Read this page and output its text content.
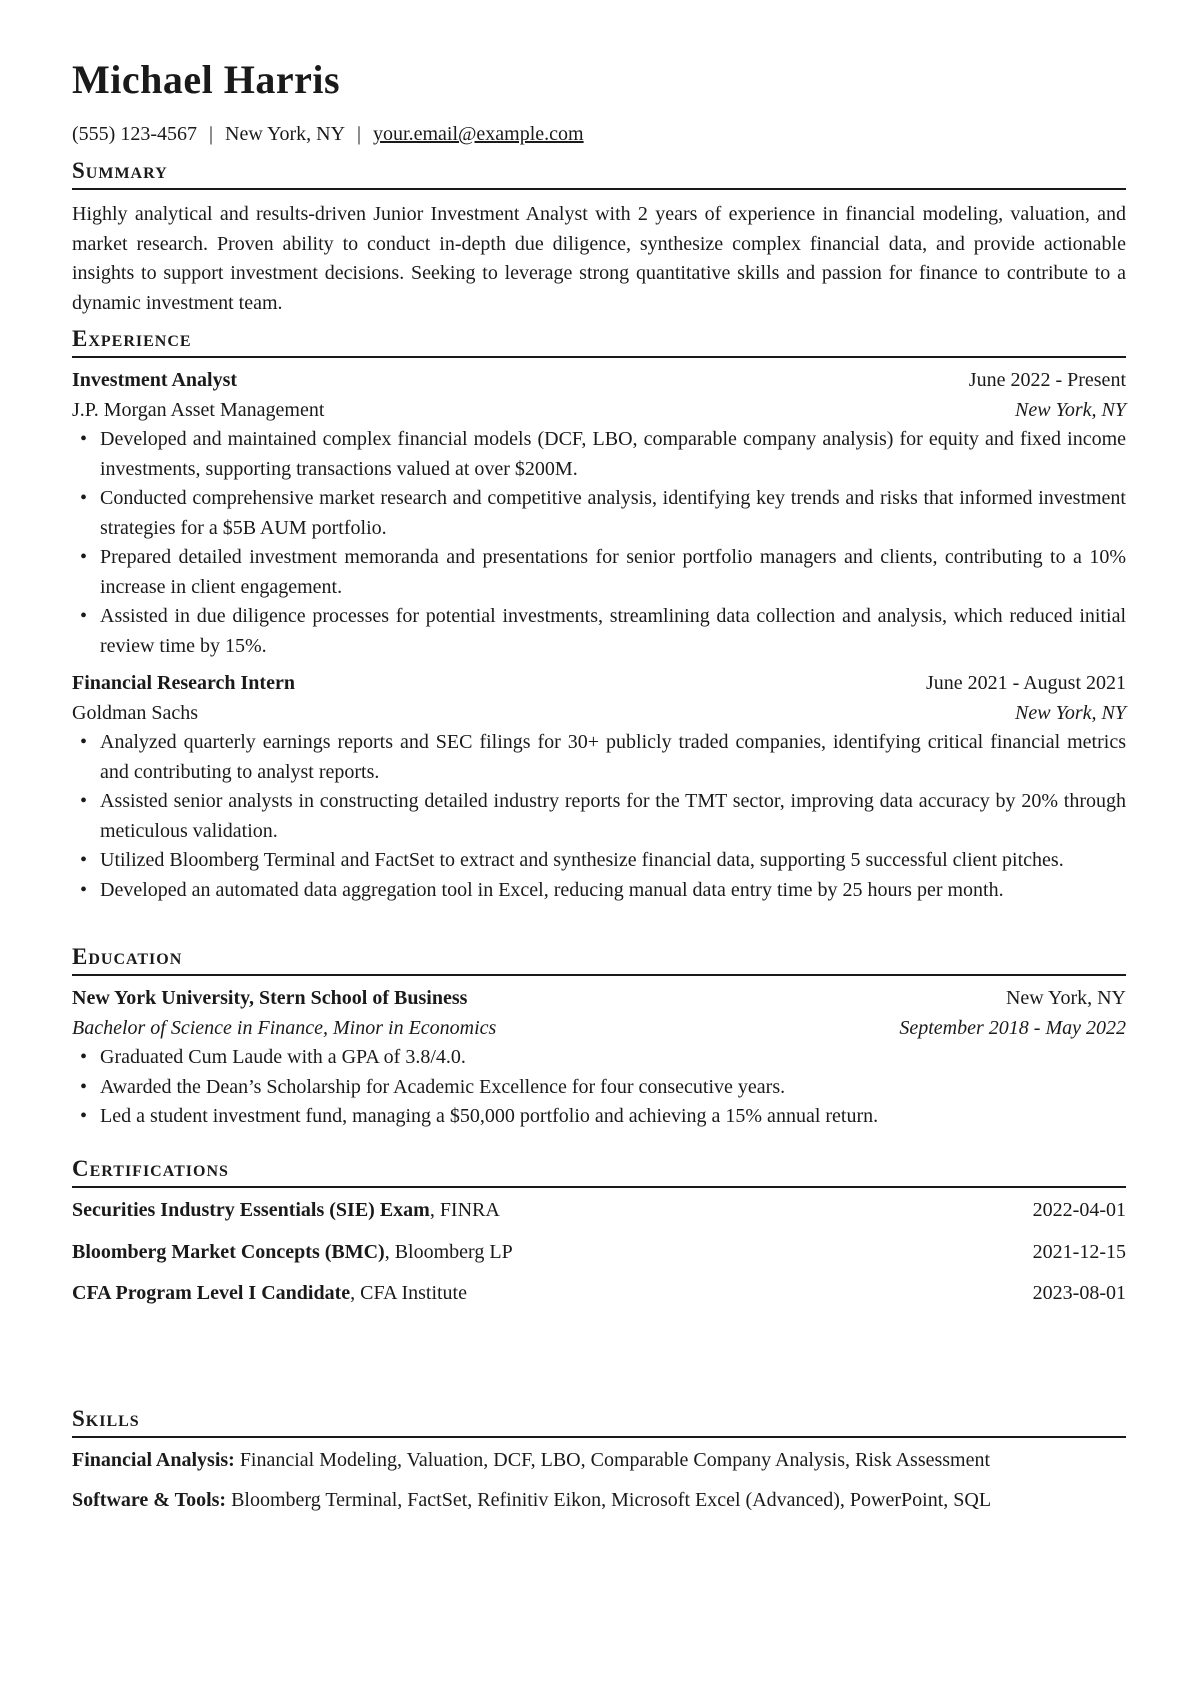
Michael Harris
(555) 123-4567 | New York, NY | your.email@example.com
Summary
Highly analytical and results-driven Junior Investment Analyst with 2 years of experience in financial modeling, valuation, and market research. Proven ability to conduct in-depth due diligence, synthesize complex financial data, and provide actionable insights to support investment decisions. Seeking to leverage strong quantitative skills and passion for finance to contribute to a dynamic investment team.
Experience
Investment Analyst	June 2022 - Present
J.P. Morgan Asset Management	New York, NY
• Developed and maintained complex financial models (DCF, LBO, comparable company analysis) for equity and fixed income investments, supporting transactions valued at over $200M.
• Conducted comprehensive market research and competitive analysis, identifying key trends and risks that informed investment strategies for a $5B AUM portfolio.
• Prepared detailed investment memoranda and presentations for senior portfolio managers and clients, contributing to a 10% increase in client engagement.
• Assisted in due diligence processes for potential investments, streamlining data collection and analysis, which reduced initial review time by 15%.
Financial Research Intern	June 2021 - August 2021
Goldman Sachs	New York, NY
• Analyzed quarterly earnings reports and SEC filings for 30+ publicly traded companies, identifying critical financial metrics and contributing to analyst reports.
• Assisted senior analysts in constructing detailed industry reports for the TMT sector, improving data accuracy by 20% through meticulous validation.
• Utilized Bloomberg Terminal and FactSet to extract and synthesize financial data, supporting 5 successful client pitches.
• Developed an automated data aggregation tool in Excel, reducing manual data entry time by 25 hours per month.
Education
New York University, Stern School of Business	New York, NY
Bachelor of Science in Finance, Minor in Economics	September 2018 - May 2022
• Graduated Cum Laude with a GPA of 3.8/4.0.
• Awarded the Dean’s Scholarship for Academic Excellence for four consecutive years.
• Led a student investment fund, managing a $50,000 portfolio and achieving a 15% annual return.
Certifications
Securities Industry Essentials (SIE) Exam, FINRA	2022-04-01
Bloomberg Market Concepts (BMC), Bloomberg LP	2021-12-15
CFA Program Level I Candidate, CFA Institute	2023-08-01
Skills
Financial Analysis: Financial Modeling, Valuation, DCF, LBO, Comparable Company Analysis, Risk Assessment
Software & Tools: Bloomberg Terminal, FactSet, Refinitiv Eikon, Microsoft Excel (Advanced), PowerPoint, SQL
